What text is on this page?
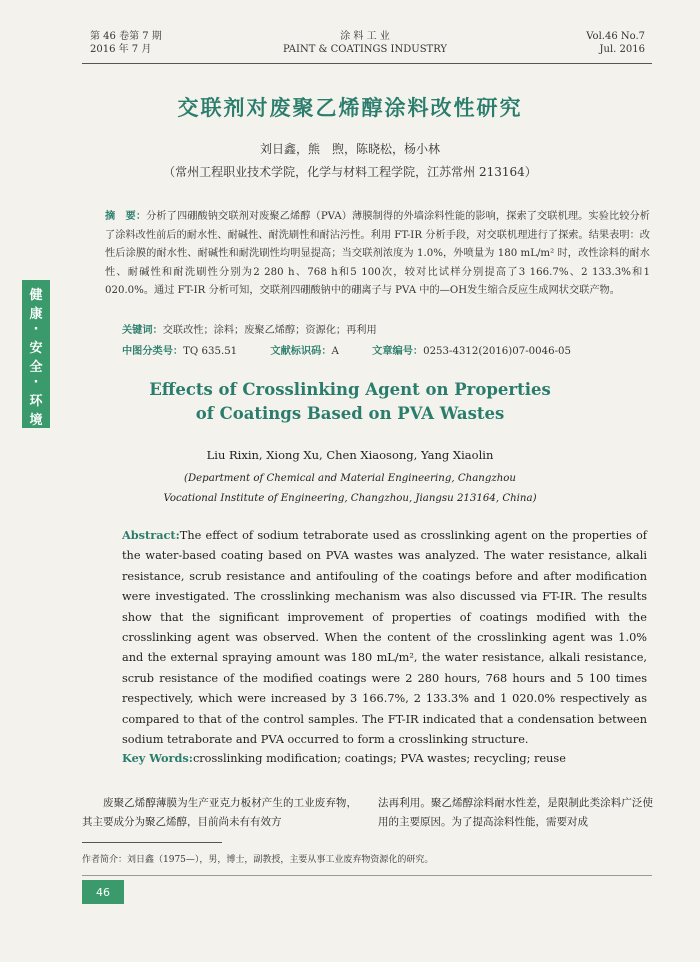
第 46 卷第 7 期
2016 年 7 月
涂 料 工 业
PAINT & COATINGS INDUSTRY
Vol.46 No.7
Jul. 2016
健
康
·
安
全
·
环
境
交联剂对废聚乙烯醇涂料改性研究
刘日鑫，熊　煦，陈晓松，杨小林
（常州工程职业技术学院，化学与材料工程学院，江苏常州 213164）
摘　要：分析了四硼酸钠交联剂对废聚乙烯醇（PVA）薄膜制得的外墙涂料性能的影响，探索了交联机理。实验比较分析了涂料改性前后的耐水性、耐碱性、耐洗刷性和耐沾污性。利用 FT-IR 分析手段，对交联机理进行了探索。结果表明：改性后涂膜的耐水性、耐碱性和耐洗刷性均明显提高；当交联剂浓度为 1.0%，外喷量为 180 mL/m² 时，改性涂料的耐水性、耐碱性和耐洗刷性分别为2 280 h、768 h和5 100次，较对比试样分别提高了3 166.7%、2 133.3%和1 020.0%。通过 FT-IR 分析可知，交联剂四硼酸钠中的硼离子与 PVA 中的—OH发生缩合反应生成网状交联产物。
关键词：交联改性；涂料；废聚乙烯醇；资源化；再利用
中图分类号：TQ 635.51	文献标识码：A	文章编号：0253-4312(2016)07-0046-05
Effects of Crosslinking Agent on Properties
of Coatings Based on PVA Wastes
Liu Rixin, Xiong Xu, Chen Xiaosong, Yang Xiaolin
(Department of Chemical and Material Engineering, Changzhou
Vocational Institute of Engineering, Changzhou, Jiangsu 213164, China)
Abstract:The effect of sodium tetraborate used as crosslinking agent on the properties of the water-based coating based on PVA wastes was analyzed. The water resistance, alkali resistance, scrub resistance and antifouling of the coatings before and after modification were investigated. The crosslinking mechanism was also discussed via FT-IR. The results show that the significant improvement of properties of coatings modified with the crosslinking agent was observed. When the content of the crosslinking agent was 1.0% and the external spraying amount was 180 mL/m², the water resistance, alkali resistance, scrub resistance of the modified coatings were 2 280 hours, 768 hours and 5 100 times respectively, which were increased by 3 166.7%, 2 133.3% and 1 020.0% respectively as compared to that of the control samples. The FT-IR indicated that a condensation between sodium tetraborate and PVA occurred to form a crosslinking structure.
Key Words:crosslinking modification; coatings; PVA wastes; recycling; reuse
废聚乙烯醇薄膜为生产亚克力板材产生的工业废弃物，其主要成分为聚乙烯醇，目前尚未有有效方
法再利用。聚乙烯醇涂料耐水性差，是限制此类涂料广泛使用的主要原因。为了提高涂料性能，需要对成
作者简介：刘日鑫（1975—），男，博士，副教授，主要从事工业废弃物资源化的研究。
46
